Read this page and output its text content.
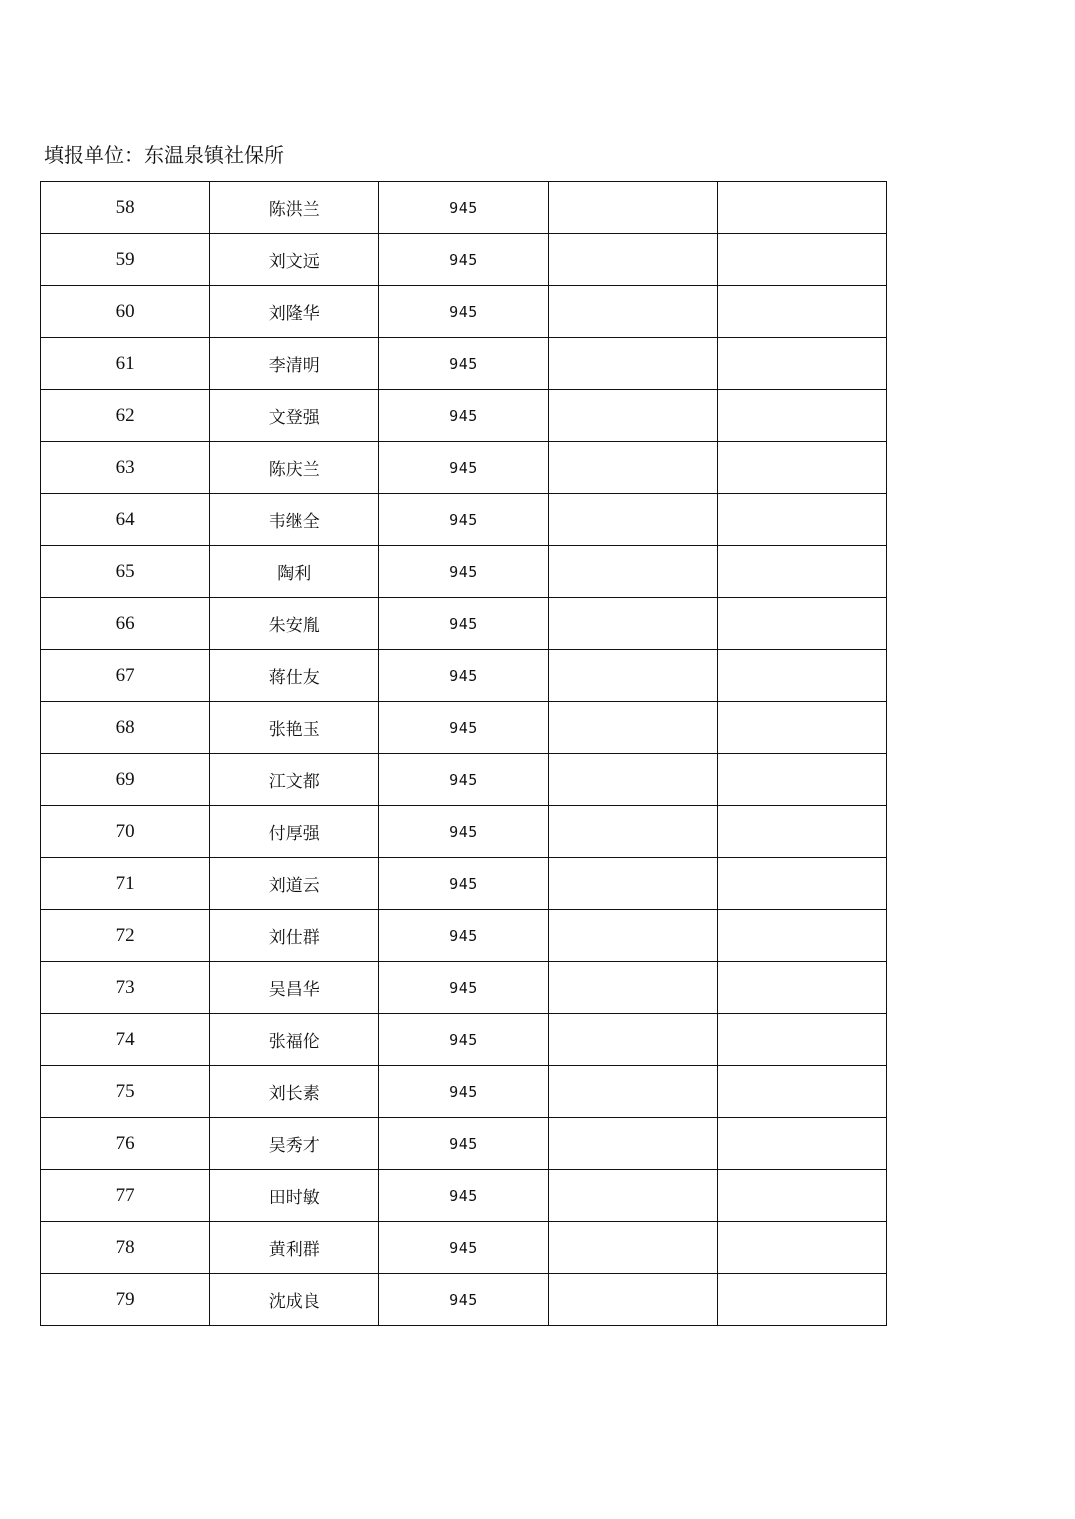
填报单位：东温泉镇社保所
58	陈洪兰	945		
59	刘文远	945		
60	刘隆华	945		
61	李清明	945		
62	文登强	945		
63	陈庆兰	945		
64	韦继全	945		
65	陶利	945		
66	朱安胤	945		
67	蒋仕友	945		
68	张艳玉	945		
69	江文都	945		
70	付厚强	945		
71	刘道云	945		
72	刘仕群	945		
73	吴昌华	945		
74	张福伦	945		
75	刘长素	945		
76	吴秀才	945		
77	田时敏	945		
78	黄利群	945		
79	沈成良	945		
